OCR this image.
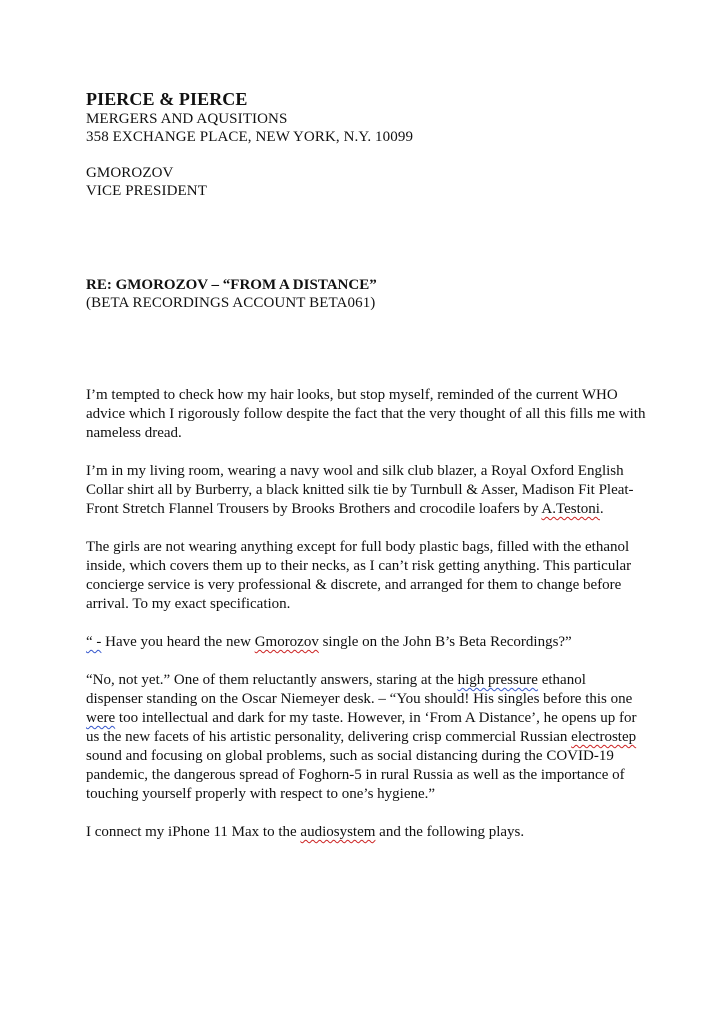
PIERCE & PIERCE
MERGERS AND AQUSITIONS
358 EXCHANGE PLACE, NEW YORK, N.Y. 10099
GMOROZOV
VICE PRESIDENT
RE: GMOROZOV – “FROM A DISTANCE”
(BETA RECORDINGS ACCOUNT BETA061)

I’m tempted to check how my hair looks, but stop myself, reminded of the current WHO advice which I rigorously follow despite the fact that the very thought of all this fills me with nameless dread.

I’m in my living room, wearing a navy wool and silk club blazer, a Royal Oxford English Collar shirt all by Burberry, a black knitted silk tie by Turnbull & Asser, Madison Fit Pleat-Front Stretch Flannel Trousers by Brooks Brothers and crocodile loafers by A.Testoni.

The girls are not wearing anything except for full body plastic bags, filled with the ethanol inside, which covers them up to their necks, as I can’t risk getting anything. This particular concierge service is very professional & discrete, and arranged for them to change before arrival. To my exact specification.

“ - Have you heard the new Gmorozov single on the John B’s Beta Recordings?”

“No, not yet.” One of them reluctantly answers, staring at the high pressure ethanol dispenser standing on the Oscar Niemeyer desk. – “You should! His singles before this one were too intellectual and dark for my taste. However, in ‘From A Distance’, he opens up for us the new facets of his artistic personality, delivering crisp commercial Russian electrostep sound and focusing on global problems, such as social distancing during the COVID-19 pandemic, the dangerous spread of Foghorn-5 in rural Russia as well as the importance of touching yourself properly with respect to one’s hygiene.”

I connect my iPhone 11 Max to the audiosystem and the following plays.
